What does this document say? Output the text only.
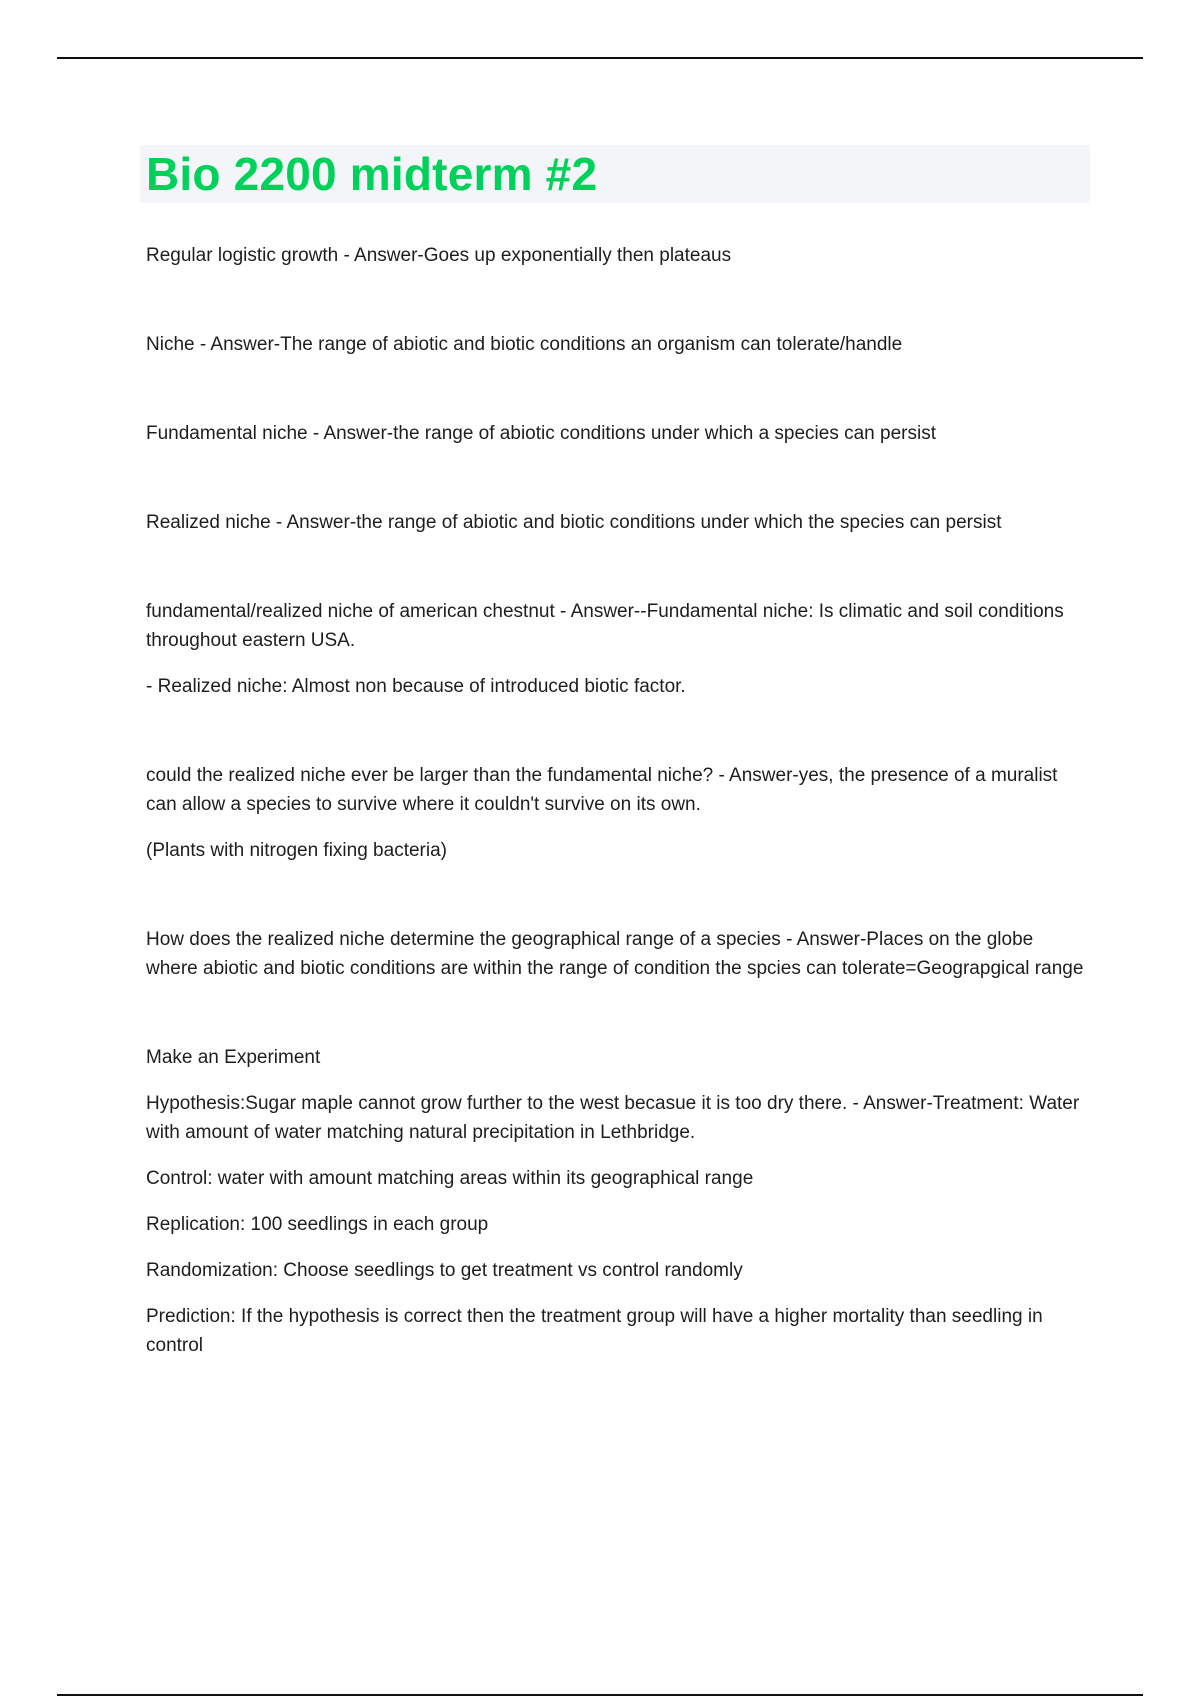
Bio 2200 midterm #2

Regular logistic growth - Answer-Goes up exponentially then plateaus

Niche - Answer-The range of abiotic and biotic conditions an organism can tolerate/handle

Fundamental niche - Answer-the range of abiotic conditions under which a species can persist

Realized niche - Answer-the range of abiotic and biotic conditions under which the species can persist

fundamental/realized niche of american chestnut - Answer--Fundamental niche: Is climatic and soil conditions throughout eastern USA.

- Realized niche: Almost non because of introduced biotic factor.

could the realized niche ever be larger than the fundamental niche? - Answer-yes, the presence of a muralist can allow a species to survive where it couldn't survive on its own.

(Plants with nitrogen fixing bacteria)

How does the realized niche determine the geographical range of a species - Answer-Places on the globe where abiotic and biotic conditions are within the range of condition the spcies can tolerate=Geograpgical range

Make an Experiment

Hypothesis:Sugar maple cannot grow further to the west becasue it is too dry there. - Answer-Treatment: Water with amount of water matching natural precipitation in Lethbridge.

Control: water with amount matching areas within its geographical range

Replication: 100 seedlings in each group

Randomization: Choose seedlings to get treatment vs control randomly

Prediction: If the hypothesis is correct then the treatment group will have a higher mortality than seedling in control
